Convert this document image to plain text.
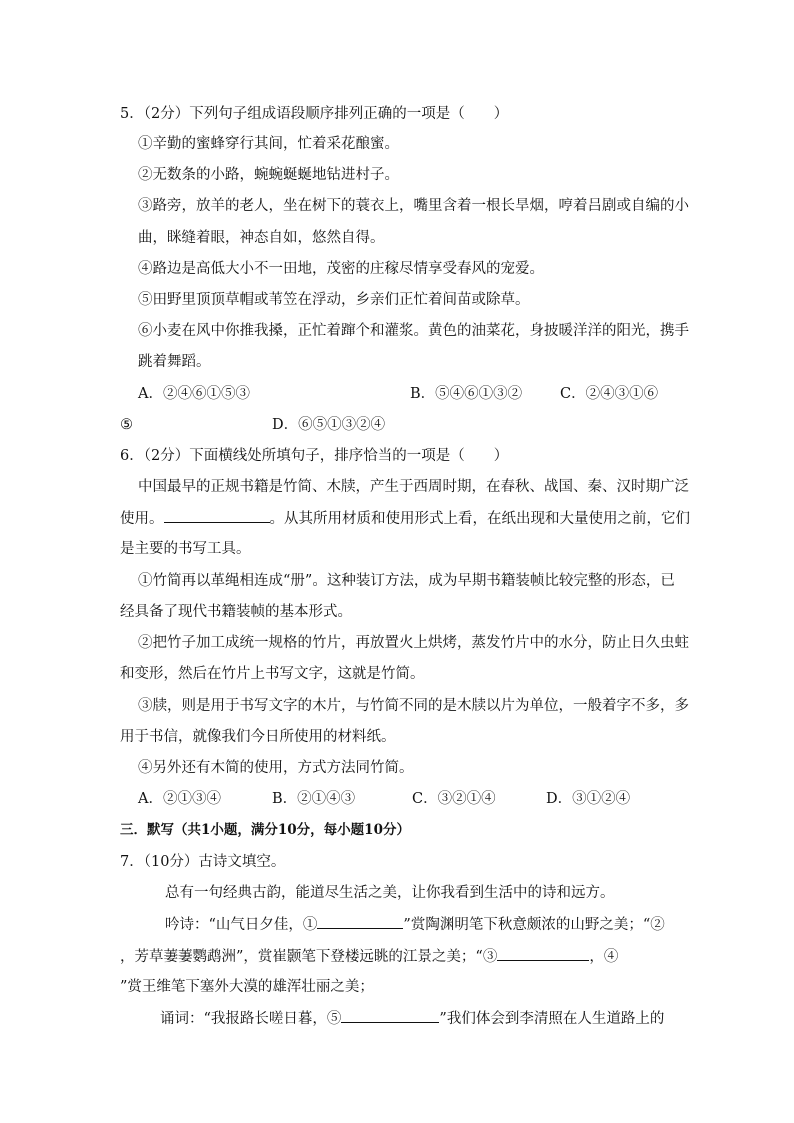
5．（2分）下列句子组成语段顺序排列正确的一项是（　　）
①辛勤的蜜蜂穿行其间，忙着采花酿蜜。
②无数条的小路，蜿蜿蜒蜒地钻进村子。
③路旁，放羊的老人，坐在树下的蓑衣上，嘴里含着一根长旱烟，哼着吕剧或自编的小
曲，眯缝着眼，神态自如，悠然自得。
④路边是高低大小不一田地，茂密的庄稼尽情享受春风的宠爱。
⑤田野里顶顶草帽或苇笠在浮动，乡亲们正忙着间苗或除草。
⑥小麦在风中你推我搡，正忙着蹿个和灌浆。黄色的油菜花，身披暖洋洋的阳光，携手
跳着舞蹈。
A．②④⑥①⑤③	B．⑤④⑥①③②	C．②④③①⑥
⑤	D．⑥⑤①③②④
6．（2分）下面横线处所填句子，排序恰当的一项是（　　）
中国最早的正规书籍是竹简、木牍，产生于西周时期，在春秋、战国、秦、汉时期广泛
使用。	。从其所用材质和使用形式上看，在纸出现和大量使用之前，它们
是主要的书写工具。
①竹简再以革绳相连成“册”。这种装订方法，成为早期书籍装帧比较完整的形态，已
经具备了现代书籍装帧的基本形式。
②把竹子加工成统一规格的竹片，再放置火上烘烤，蒸发竹片中的水分，防止日久虫蛀
和变形，然后在竹片上书写文字，这就是竹简。
③牍，则是用于书写文字的木片，与竹简不同的是木牍以片为单位，一般着字不多，多
用于书信，就像我们今日所使用的材料纸。
④另外还有木简的使用，方式方法同竹简。
A．②①③④	B．②①④③	C．③②①④	D．③①②④
三．默写（共1小题，满分10分，每小题10分）
7．（10分）古诗文填空。
总有一句经典古韵，能道尽生活之美，让你我看到生活中的诗和远方。
吟诗：“山气日夕佳，①	”赏陶渊明笔下秋意颇浓的山野之美；“②
，芳草萋萋鹦鹉洲”，赏崔颢笔下登楼远眺的江景之美；“③	，④
”赏王维笔下塞外大漠的雄浑壮丽之美；
诵词：“我报路长嗟日暮，⑤	”我们体会到李清照在人生道路上的
